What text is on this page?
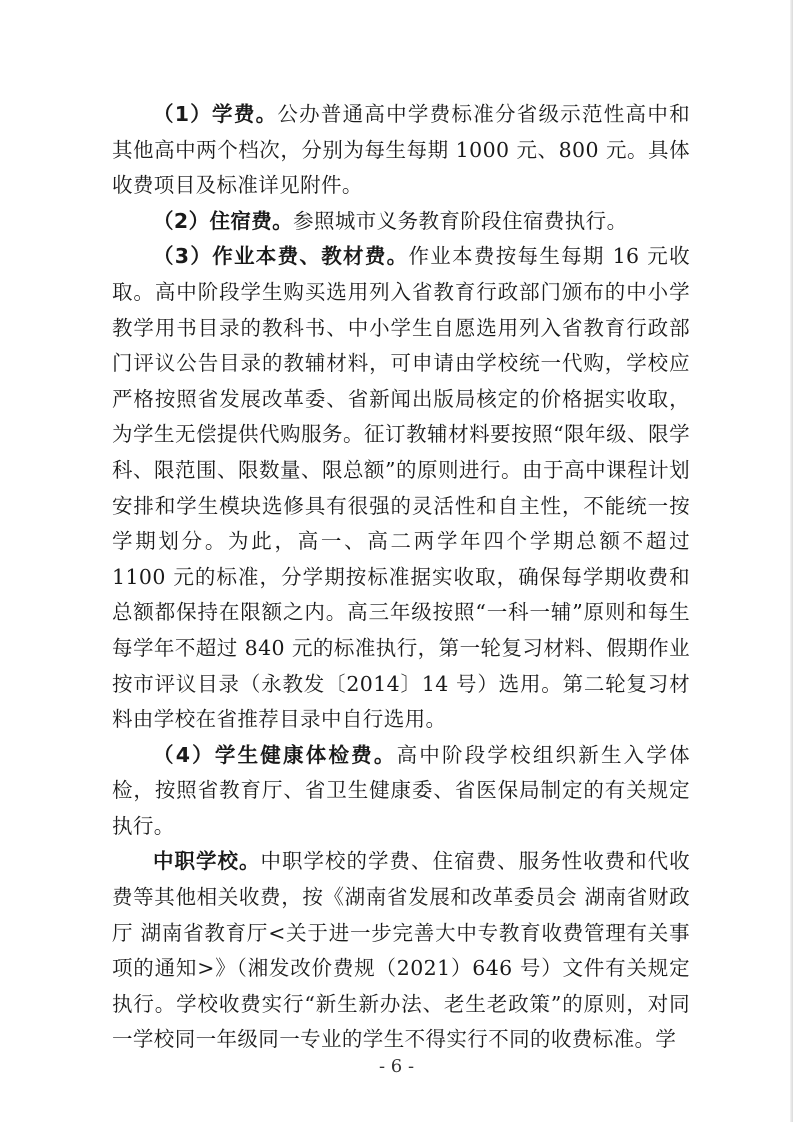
（1）学费。公办普通高中学费标准分省级示范性高中和其他高中两个档次，分别为每生每期 1000 元、800 元。具体收费项目及标准详见附件。

（2）住宿费。参照城市义务教育阶段住宿费执行。

（3）作业本费、教材费。作业本费按每生每期 16 元收取。高中阶段学生购买选用列入省教育行政部门颁布的中小学教学用书目录的教科书、中小学生自愿选用列入省教育行政部门评议公告目录的教辅材料，可申请由学校统一代购，学校应严格按照省发展改革委、省新闻出版局核定的价格据实收取，为学生无偿提供代购服务。征订教辅材料要按照“限年级、限学科、限范围、限数量、限总额”的原则进行。由于高中课程计划安排和学生模块选修具有很强的灵活性和自主性，不能统一按学期划分。为此，高一、高二两学年四个学期总额不超过 1100 元的标准，分学期按标准据实收取，确保每学期收费和总额都保持在限额之内。高三年级按照“一科一辅”原则和每生每学年不超过 840 元的标准执行，第一轮复习材料、假期作业按市评议目录（永教发〔2014〕14 号）选用。第二轮复习材料由学校在省推荐目录中自行选用。

（4）学生健康体检费。高中阶段学校组织新生入学体检，按照省教育厅、省卫生健康委、省医保局制定的有关规定执行。

中职学校。中职学校的学费、住宿费、服务性收费和代收费等其他相关收费，按《湖南省发展和改革委员会 湖南省财政厅 湖南省教育厅<关于进一步完善大中专教育收费管理有关事项的通知>》（湘发改价费规（2021）646 号）文件有关规定执行。学校收费实行“新生新办法、老生老政策”的原则，对同一学校同一年级同一专业的学生不得实行不同的收费标准。学

- 6 -
